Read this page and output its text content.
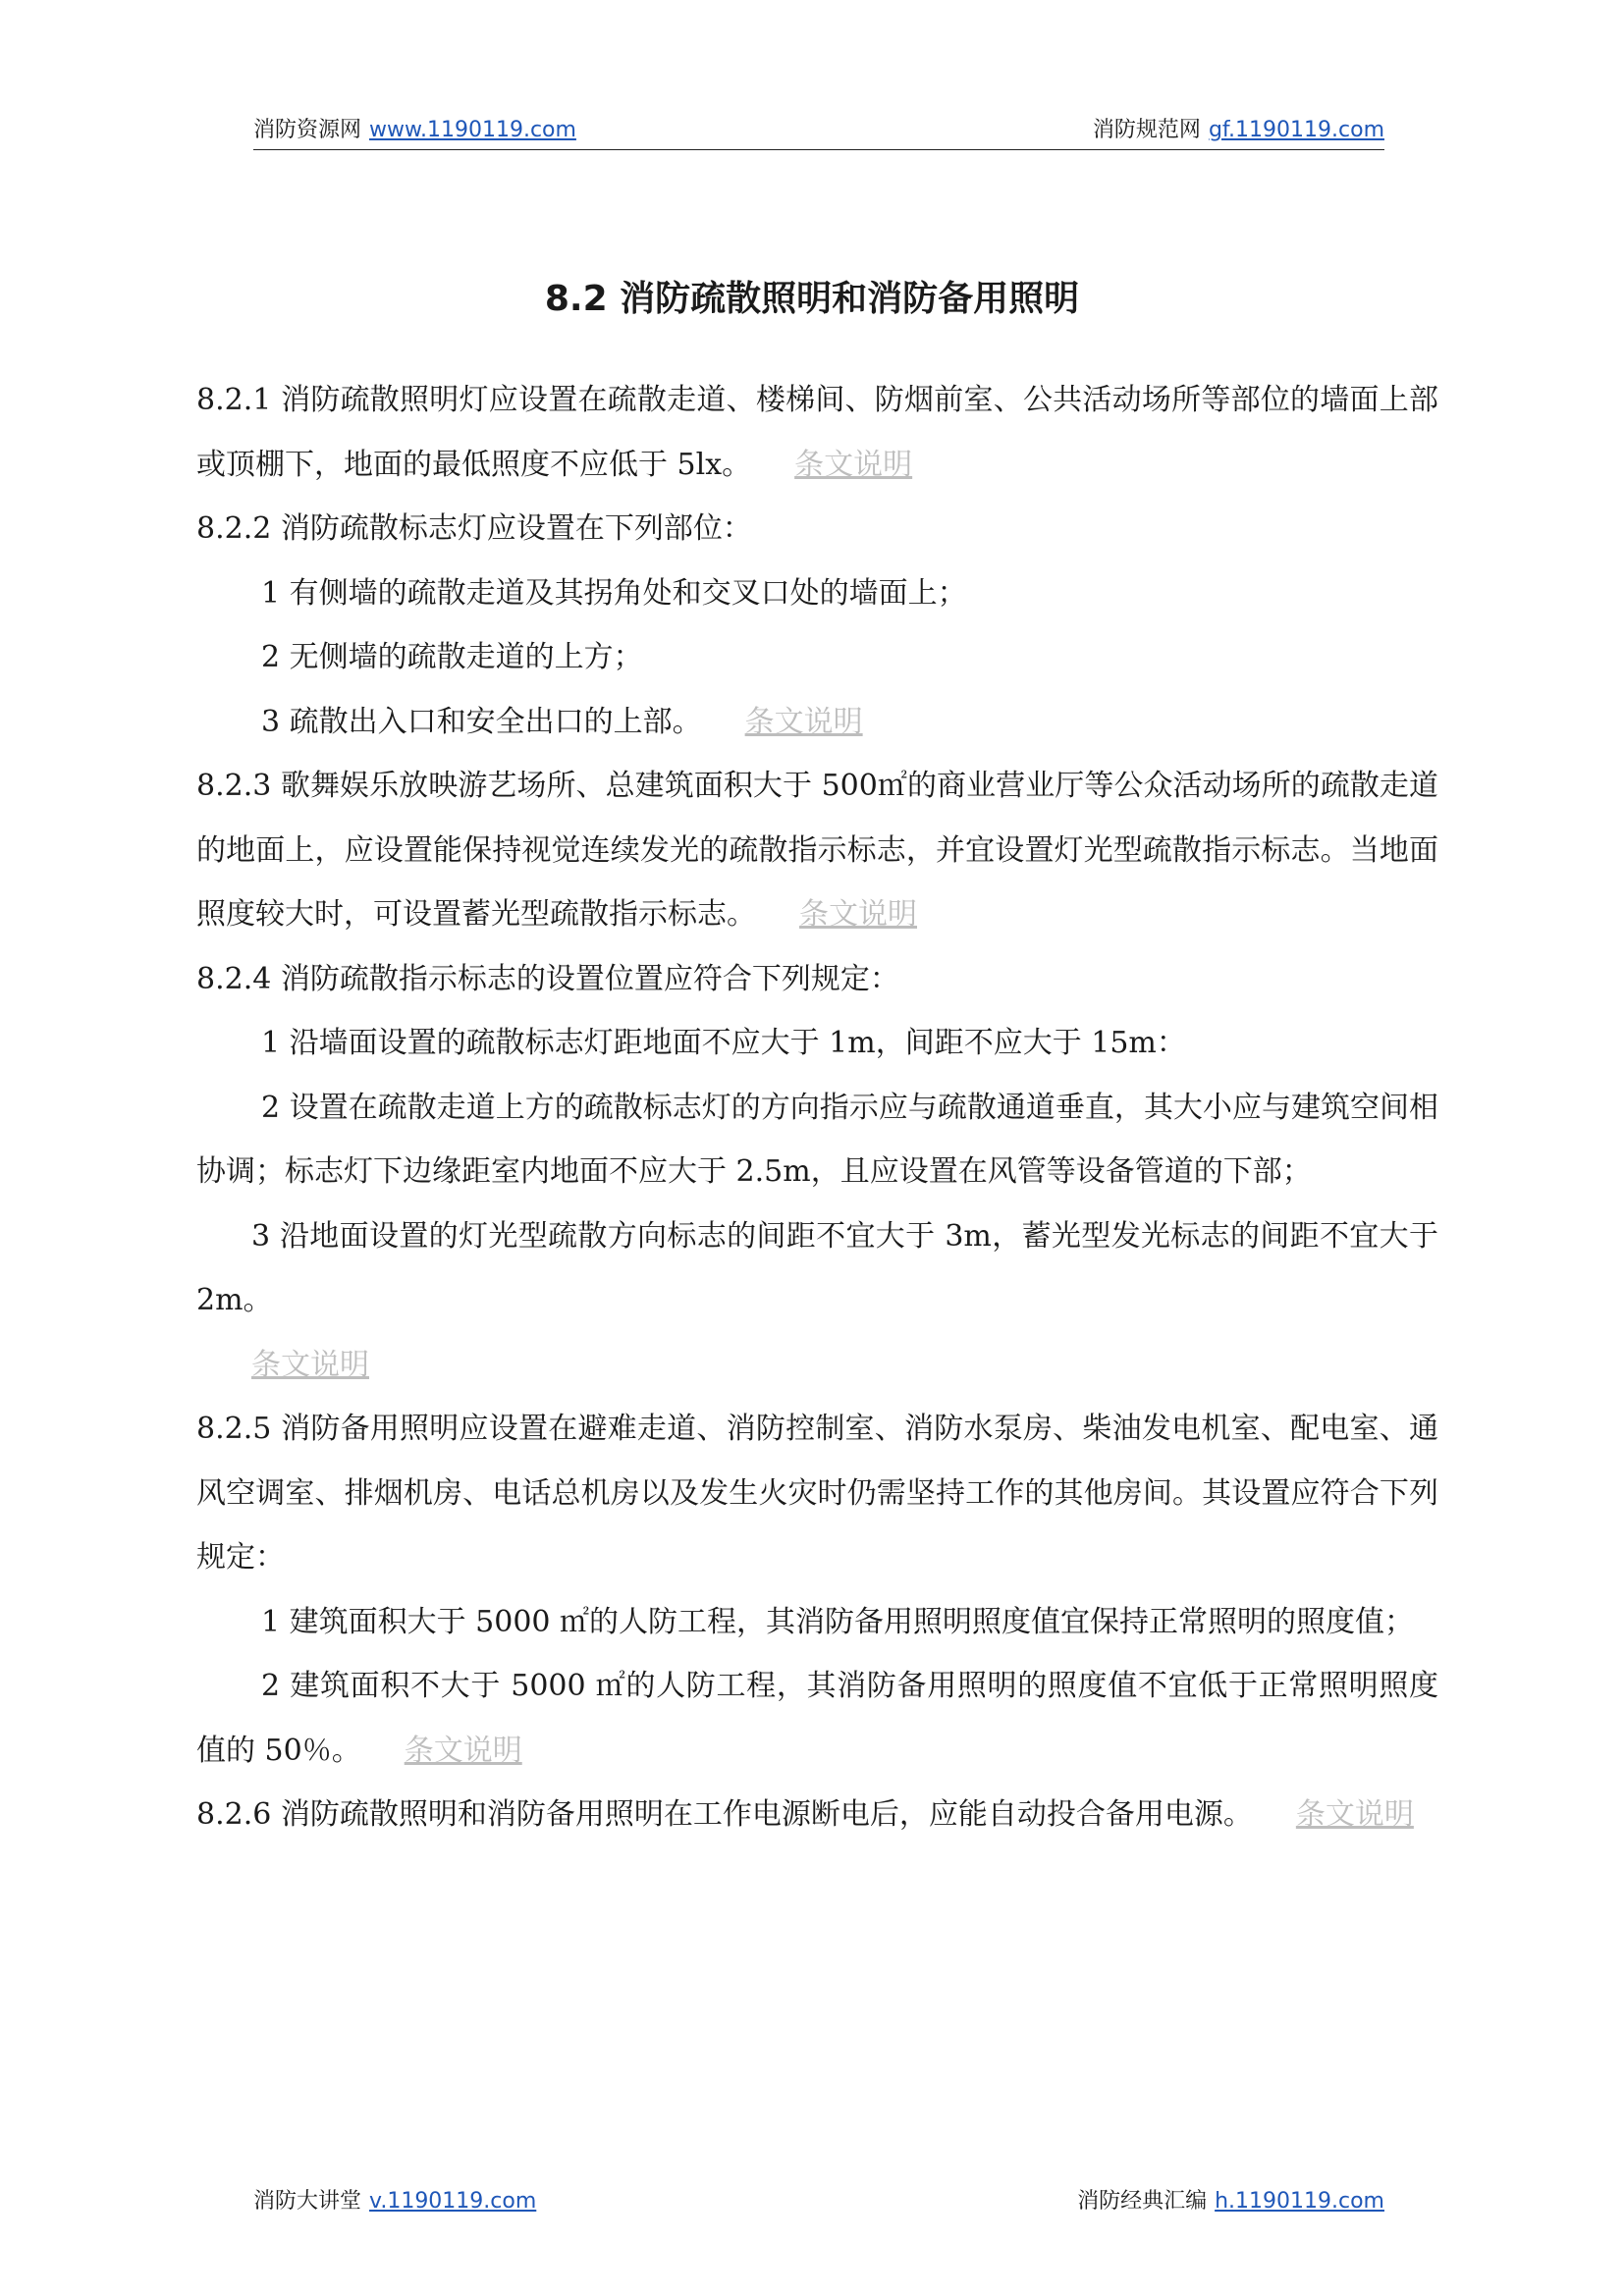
消防资源网 www.1190119.com	消防规范网 gf.1190119.com
8.2 消防疏散照明和消防备用照明

8.2.1 消防疏散照明灯应设置在疏散走道、楼梯间、防烟前室、公共活动场所等部位的墙面上部或顶棚下，地面的最低照度不应低于 5lx。 条文说明

8.2.2 消防疏散标志灯应设置在下列部位：

1 有侧墙的疏散走道及其拐角处和交叉口处的墙面上；

2 无侧墙的疏散走道的上方；

3 疏散出入口和安全出口的上部。 条文说明

8.2.3 歌舞娱乐放映游艺场所、总建筑面积大于 500㎡的商业营业厅等公众活动场所的疏散走道的地面上，应设置能保持视觉连续发光的疏散指示标志，并宜设置灯光型疏散指示标志。当地面照度较大时，可设置蓄光型疏散指示标志。 条文说明

8.2.4 消防疏散指示标志的设置位置应符合下列规定：

1 沿墙面设置的疏散标志灯距地面不应大于 1m，间距不应大于 15m：

2 设置在疏散走道上方的疏散标志灯的方向指示应与疏散通道垂直，其大小应与建筑空间相协调；标志灯下边缘距室内地面不应大于 2.5m，且应设置在风管等设备管道的下部；

3 沿地面设置的灯光型疏散方向标志的间距不宜大于 3m，蓄光型发光标志的间距不宜大于 2m。

条文说明

8.2.5 消防备用照明应设置在避难走道、消防控制室、消防水泵房、柴油发电机室、配电室、通风空调室、排烟机房、电话总机房以及发生火灾时仍需坚持工作的其他房间。其设置应符合下列规定：

1 建筑面积大于 5000 ㎡的人防工程，其消防备用照明照度值宜保持正常照明的照度值；

2 建筑面积不大于 5000 ㎡的人防工程，其消防备用照明的照度值不宜低于正常照明照度值的 50％。 条文说明

8.2.6 消防疏散照明和消防备用照明在工作电源断电后，应能自动投合备用电源。 条文说明

消防大讲堂 v.1190119.com	消防经典汇编 h.1190119.com
